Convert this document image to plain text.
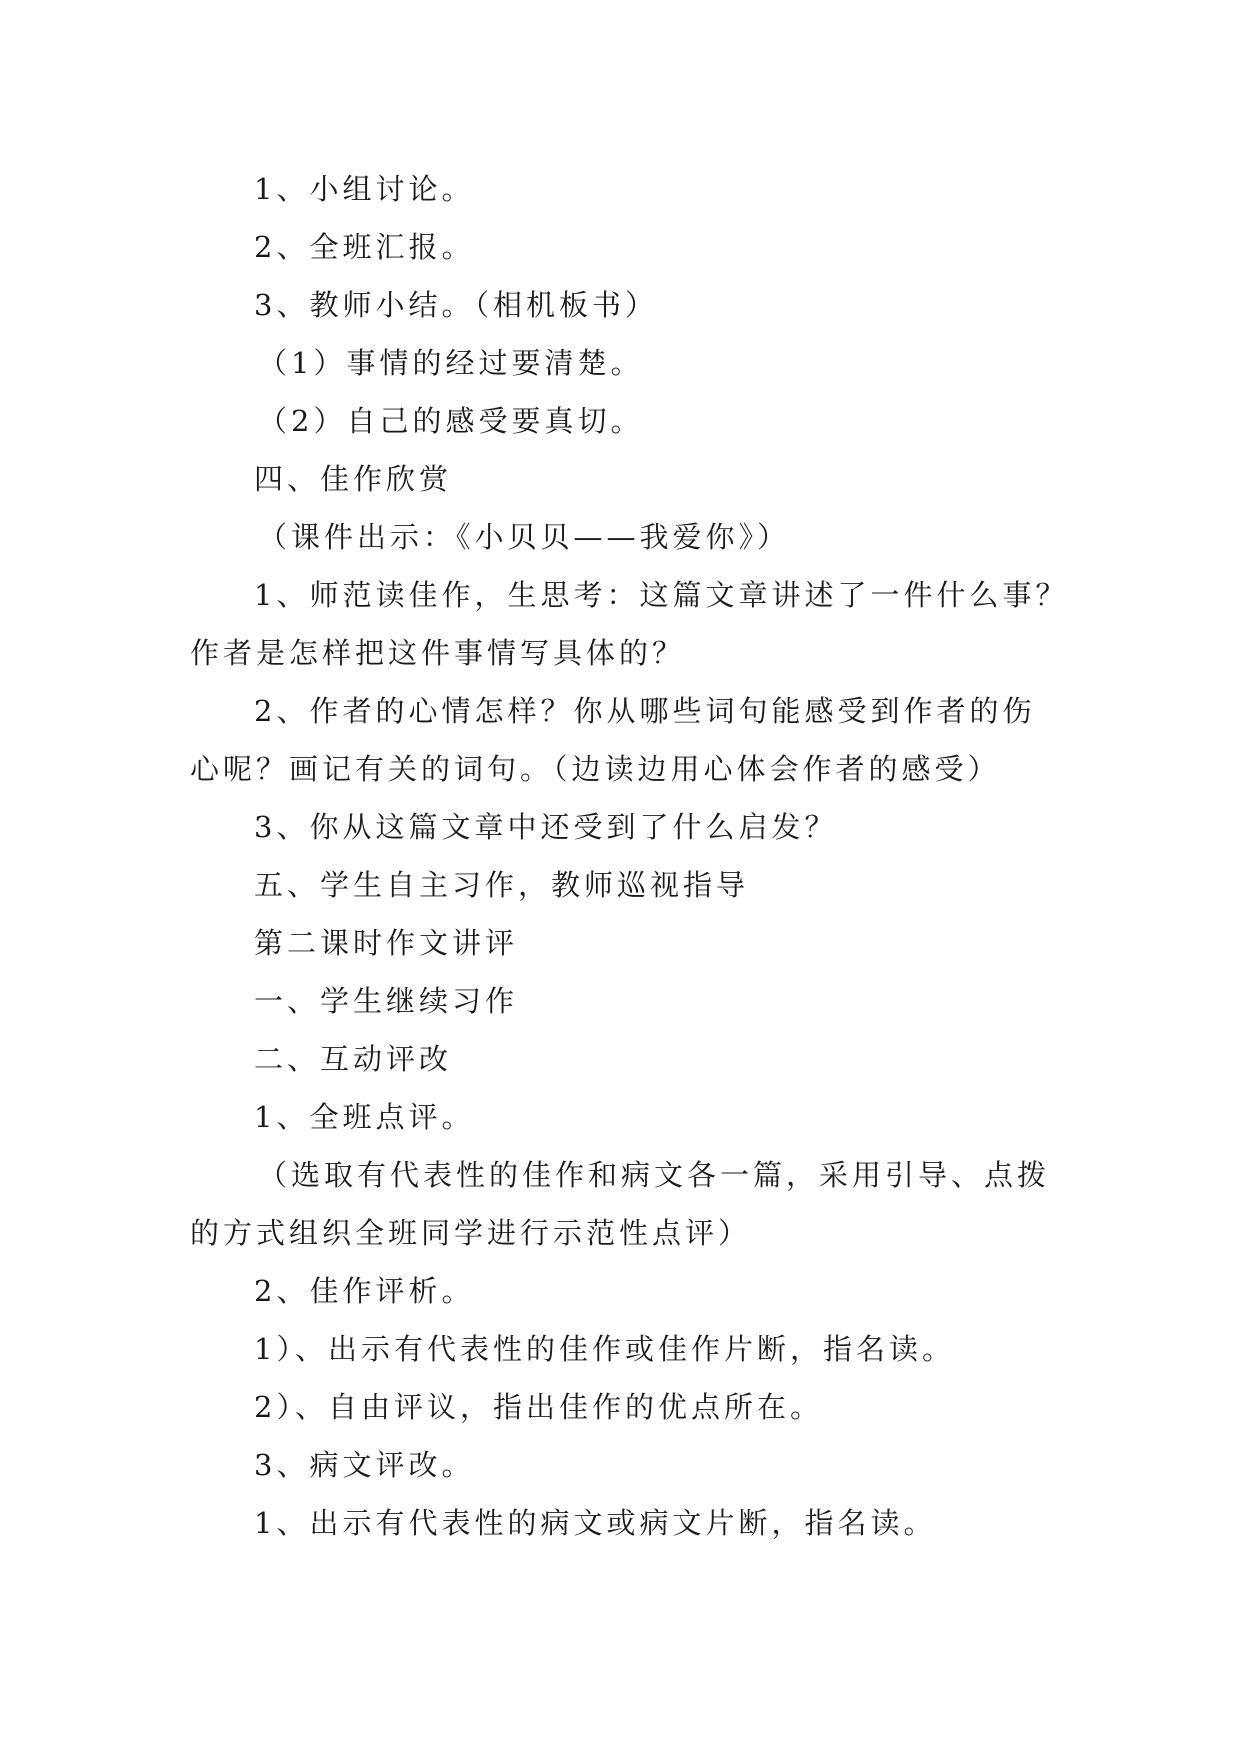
1、小组讨论。
2、全班汇报。
3、教师小结。（相机板书）
（1）事情的经过要清楚。
（2）自己的感受要真切。
四、佳作欣赏
（课件出示：《小贝贝——我爱你》）
1、师范读佳作，生思考：这篇文章讲述了一件什么事？
作者是怎样把这件事情写具体的？
2、作者的心情怎样？你从哪些词句能感受到作者的伤
心呢？画记有关的词句。（边读边用心体会作者的感受）
3、你从这篇文章中还受到了什么启发？
五、学生自主习作，教师巡视指导
第二课时作文讲评
一、学生继续习作
二、互动评改
1、全班点评。
（选取有代表性的佳作和病文各一篇，采用引导、点拨
的方式组织全班同学进行示范性点评）
2、佳作评析。
1）、出示有代表性的佳作或佳作片断，指名读。
2）、自由评议，指出佳作的优点所在。
3、病文评改。
1、出示有代表性的病文或病文片断，指名读。
